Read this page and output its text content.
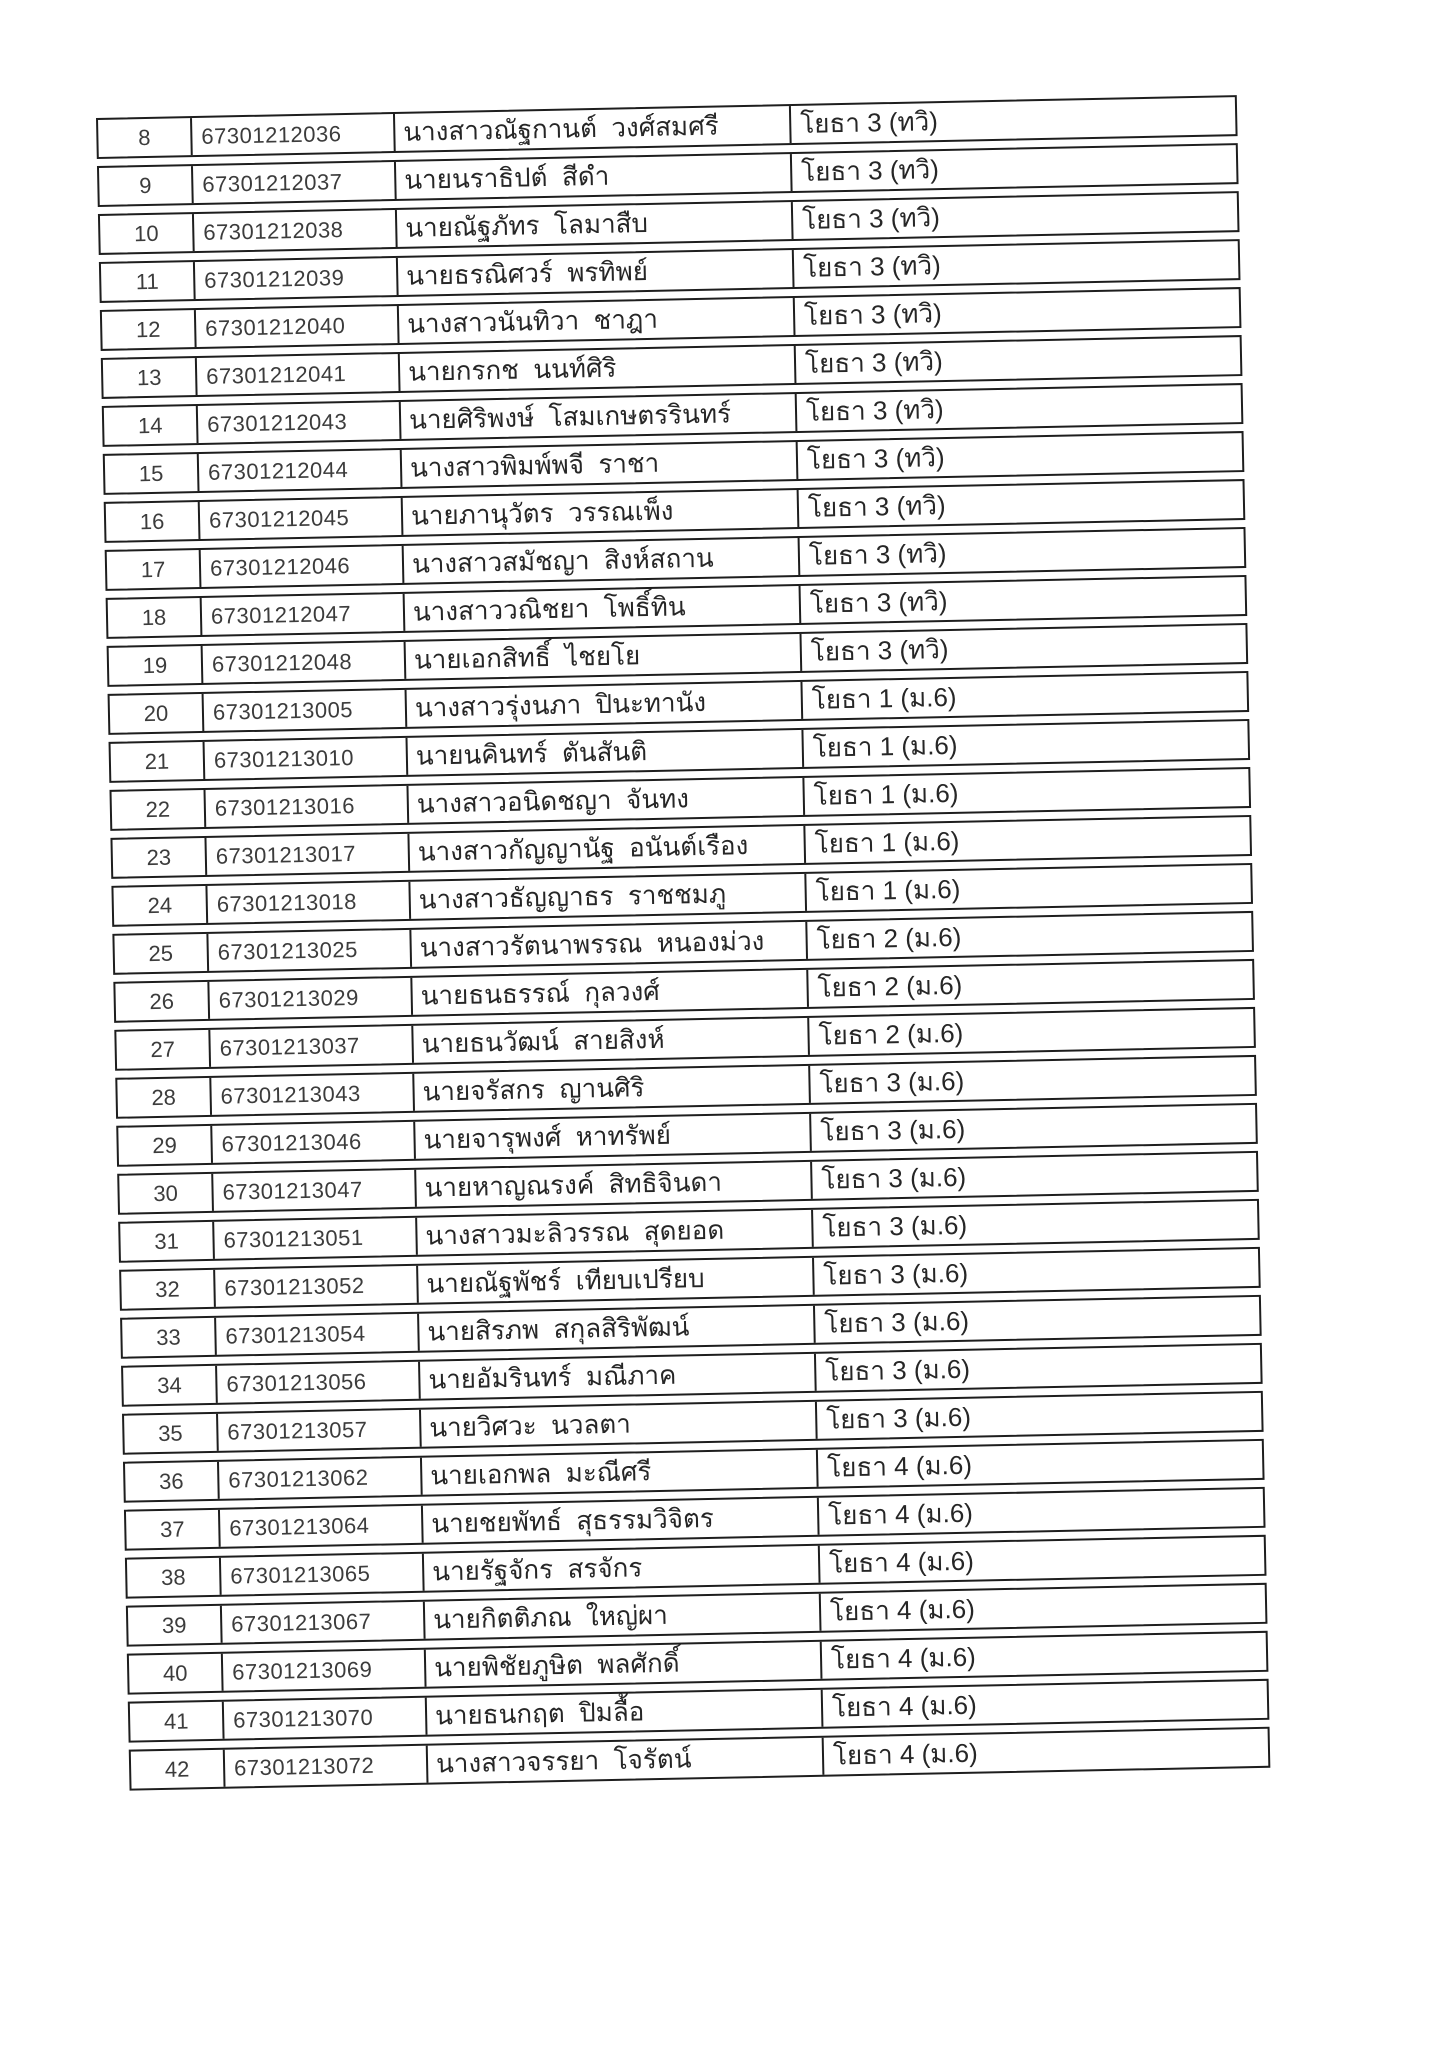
8	67301212036	นางสาวณัฐกานต์  วงศ์สมศรี	โยธา 3 (ทวิ)
9	67301212037	นายนราธิปต์  สีดำ	โยธา 3 (ทวิ)
10	67301212038	นายณัฐภัทร  โลมาสืบ	โยธา 3 (ทวิ)
11	67301212039	นายธรณิศวร์  พรทิพย์	โยธา 3 (ทวิ)
12	67301212040	นางสาวนันทิวา  ชาฎา	โยธา 3 (ทวิ)
13	67301212041	นายกรกช  นนท์ศิริ	โยธา 3 (ทวิ)
14	67301212043	นายศิริพงษ์  โสมเกษตรรินทร์	โยธา 3 (ทวิ)
15	67301212044	นางสาวพิมพ์พจี  ราชา	โยธา 3 (ทวิ)
16	67301212045	นายภานุวัตร  วรรณเพ็ง	โยธา 3 (ทวิ)
17	67301212046	นางสาวสมัชญา  สิงห์สถาน	โยธา 3 (ทวิ)
18	67301212047	นางสาววณิชยา  โพธิ์ทิน	โยธา 3 (ทวิ)
19	67301212048	นายเอกสิทธิ์  ไชยโย	โยธา 3 (ทวิ)
20	67301213005	นางสาวรุ่งนภา  ปินะทานัง	โยธา 1 (ม.6)
21	67301213010	นายนคินทร์  ตันสันติ	โยธา 1 (ม.6)
22	67301213016	นางสาวอนิดชญา  จันทง	โยธา 1 (ม.6)
23	67301213017	นางสาวกัญญานัฐ  อนันต์เรือง	โยธา 1 (ม.6)
24	67301213018	นางสาวธัญญาธร  ราชชมภู	โยธา 1 (ม.6)
25	67301213025	นางสาวรัตนาพรรณ  หนองม่วง	โยธา 2 (ม.6)
26	67301213029	นายธนธรรณ์  กุลวงศ์	โยธา 2 (ม.6)
27	67301213037	นายธนวัฒน์  สายสิงห์	โยธา 2 (ม.6)
28	67301213043	นายจรัสกร  ญานศิริ	โยธา 3 (ม.6)
29	67301213046	นายจารุพงศ์  หาทรัพย์	โยธา 3 (ม.6)
30	67301213047	นายหาญณรงค์  สิทธิจินดา	โยธา 3 (ม.6)
31	67301213051	นางสาวมะลิวรรณ  สุดยอด	โยธา 3 (ม.6)
32	67301213052	นายณัฐพัชร์  เทียบเปรียบ	โยธา 3 (ม.6)
33	67301213054	นายสิรภพ  สกุลสิริพัฒน์	โยธา 3 (ม.6)
34	67301213056	นายอัมรินทร์  มณีภาค	โยธา 3 (ม.6)
35	67301213057	นายวิศวะ  นวลตา	โยธา 3 (ม.6)
36	67301213062	นายเอกพล  มะณีศรี	โยธา 4 (ม.6)
37	67301213064	นายชยพัทธ์  สุธรรมวิจิตร	โยธา 4 (ม.6)
38	67301213065	นายรัฐจักร  สรจักร	โยธา 4 (ม.6)
39	67301213067	นายกิตติภณ  ใหญ่ผา	โยธา 4 (ม.6)
40	67301213069	นายพิชัยภูษิต  พลศักดิ์	โยธา 4 (ม.6)
41	67301213070	นายธนกฤต  ปิมลื้อ	โยธา 4 (ม.6)
42	67301213072	นางสาวจรรยา  โจรัตน์	โยธา 4 (ม.6)
